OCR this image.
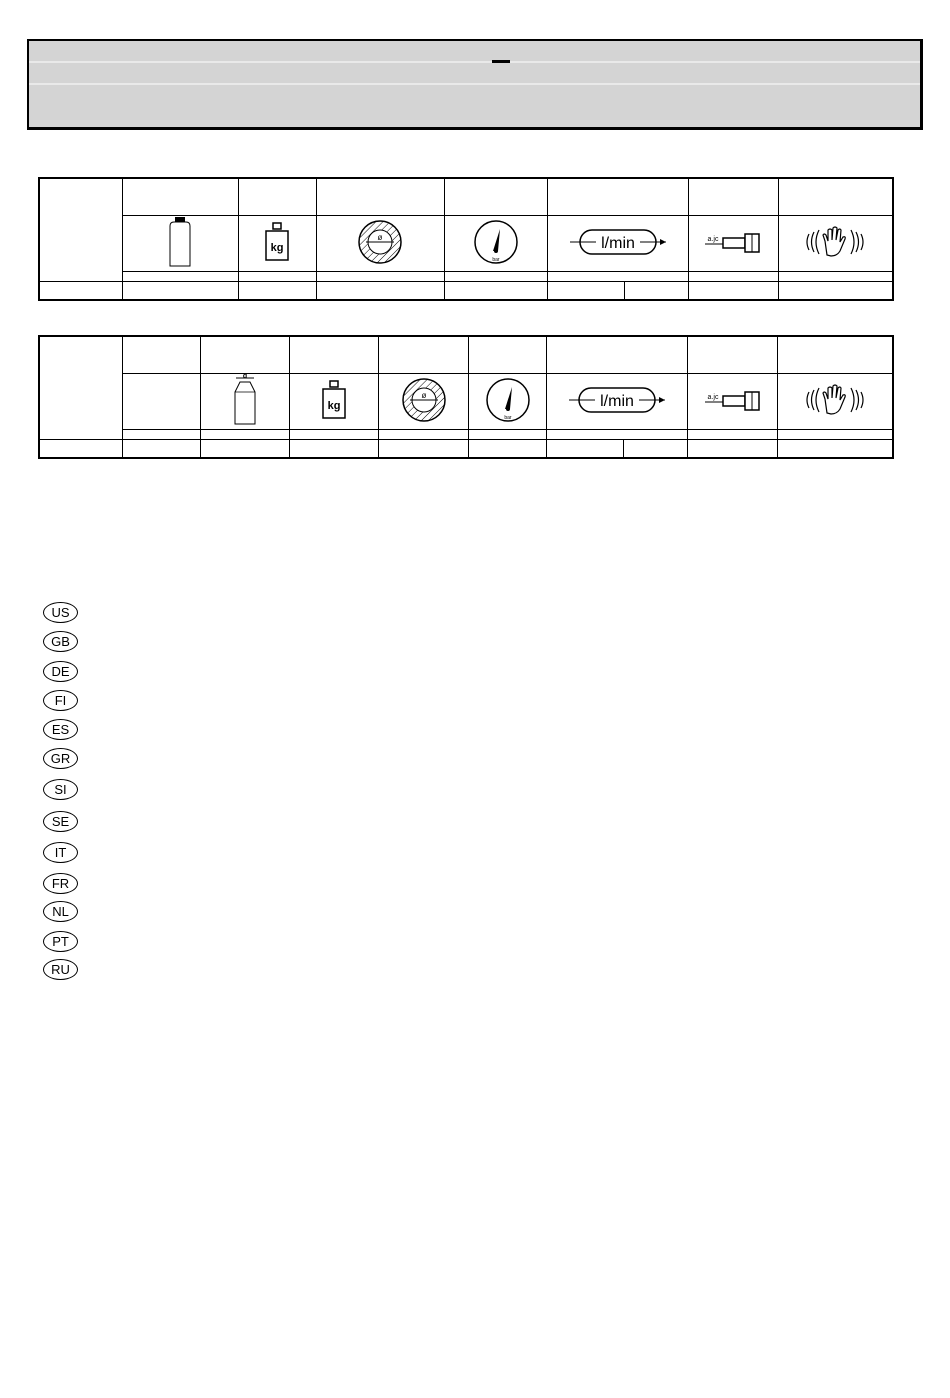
kg	ø	bar	l/min		a.jc

d	kg	ø	bar	l/min		a.jc

US
GB
DE
FI
ES
GR
SI
SE
IT
FR
NL
PT
RU
